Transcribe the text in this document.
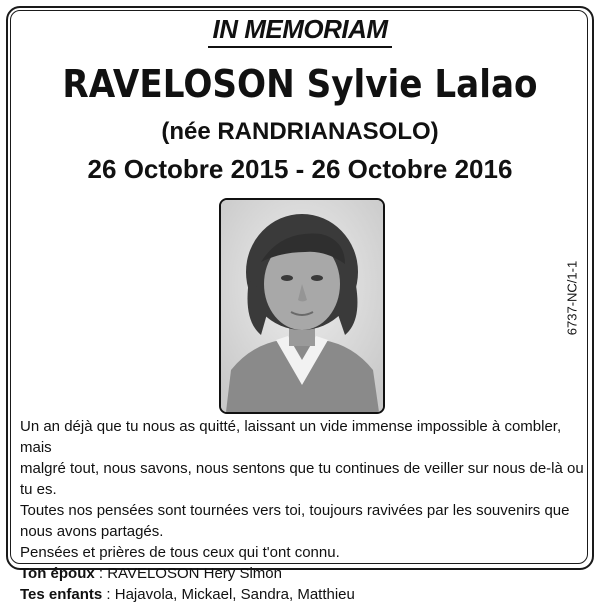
IN MEMORIAM
RAVELOSON Sylvie Lalao
(née RANDRIANASOLO)
26 Octobre 2015 - 26 Octobre 2016
6737-NC/1-1

Un an déjà que tu nous as quitté, laissant un vide immense impossible à combler, mais

malgré tout, nous savons, nous sentons que tu continues de veiller sur nous de-là ou tu es.

Toutes nos pensées sont tournées vers toi, toujours ravivées par les souvenirs que

nous avons partagés.

Pensées et prières de tous ceux qui t'ont connu.

Ton époux : RAVELOSON Hery Simon

Tes enfants : Hajavola, Mickael, Sandra, Matthieu
